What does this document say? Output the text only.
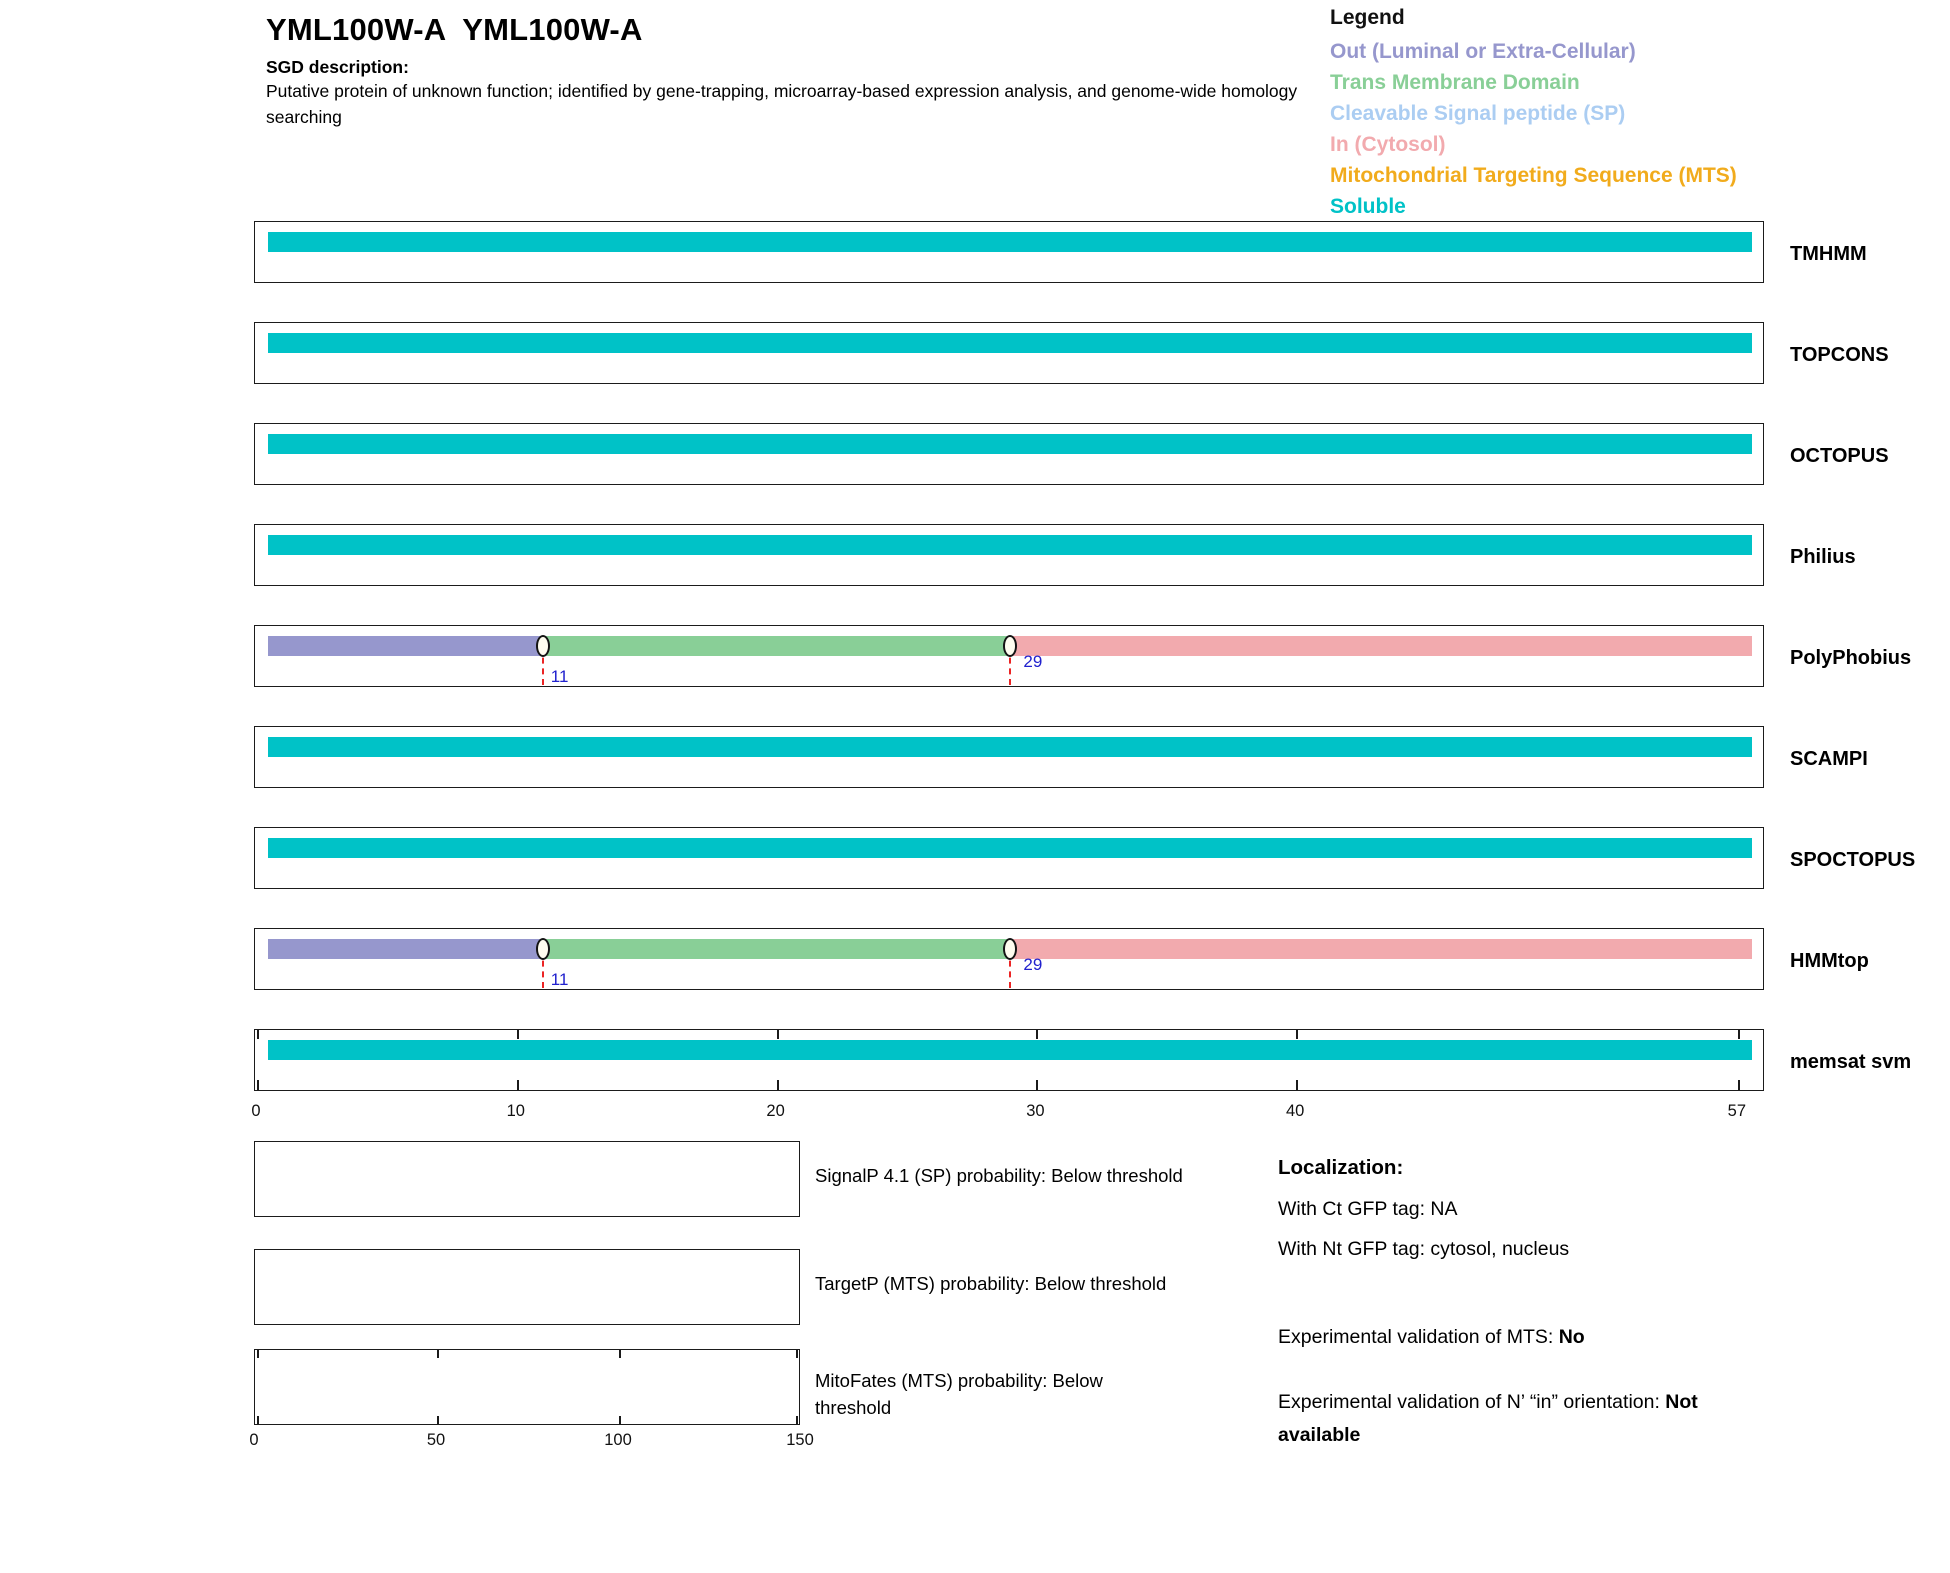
YML100W-A  YML100W-A
SGD description:
Putative protein of unknown function; identified by gene-trapping, microarray-based expression analysis, and genome-wide homology searching
Legend
Out (Luminal or Extra-Cellular)
Trans Membrane Domain
Cleavable Signal peptide (SP)
In (Cytosol)
Mitochondrial Targeting Sequence (MTS)
Soluble
TMHMM
TOPCONS
OCTOPUS
Philius
11
29	PolyPhobius
SCAMPI
SPOCTOPUS
11
29	HMMtop
0	10	20	30	40	57
memsat svm
SignalP 4.1 (SP) probability: Below threshold
TargetP (MTS) probability: Below threshold
0	50	100	150
MitoFates (MTS) probability: Below threshold
Localization:
With Ct GFP tag: NA
With Nt GFP tag: cytosol, nucleus
Experimental validation of MTS: No
Experimental validation of N’ “in” orientation: Not available
